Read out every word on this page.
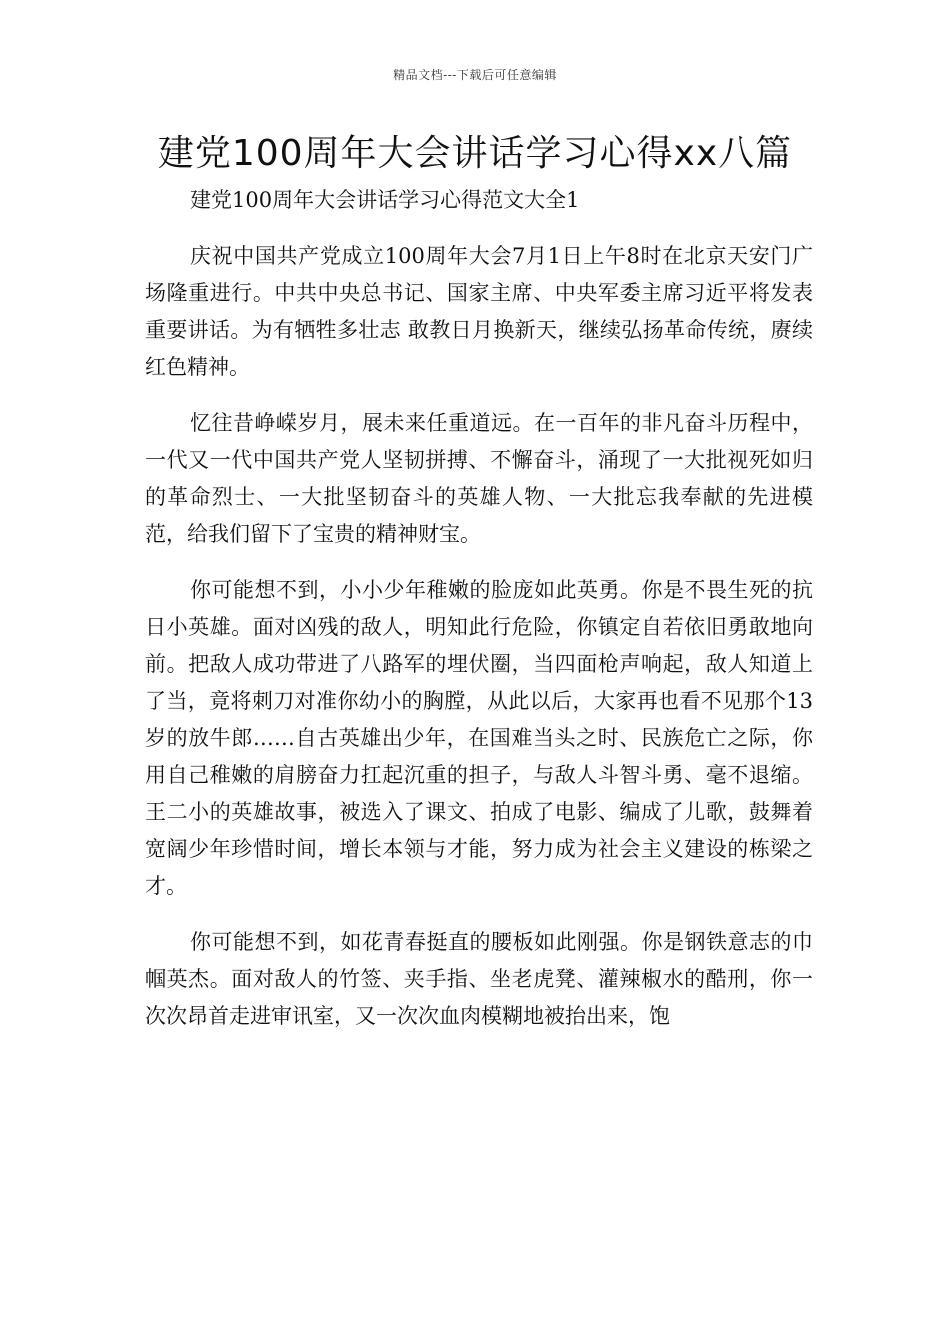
精品文档---下载后可任意编辑
建党100周年大会讲话学习心得xx八篇

建党100周年大会讲话学习心得范文大全1

庆祝中国共产党成立100周年大会7月1日上午8时在北京天安门广场隆重进行。中共中央总书记、国家主席、中央军委主席习近平将发表重要讲话。为有牺牲多壮志 敢教日月换新天，继续弘扬革命传统，赓续红色精神。

忆往昔峥嵘岁月，展未来任重道远。在一百年的非凡奋斗历程中，一代又一代中国共产党人坚韧拼搏、不懈奋斗，涌现了一大批视死如归的革命烈士、一大批坚韧奋斗的英雄人物、一大批忘我奉献的先进模范，给我们留下了宝贵的精神财宝。

你可能想不到，小小少年稚嫩的脸庞如此英勇。你是不畏生死的抗日小英雄。面对凶残的敌人，明知此行危险，你镇定自若依旧勇敢地向前。把敌人成功带进了八路军的埋伏圈，当四面枪声响起，敌人知道上了当，竟将刺刀对准你幼小的胸膛，从此以后，大家再也看不见那个13岁的放牛郎……自古英雄出少年，在国难当头之时、民族危亡之际，你用自己稚嫩的肩膀奋力扛起沉重的担子，与敌人斗智斗勇、毫不退缩。王二小的英雄故事，被选入了课文、拍成了电影、编成了儿歌，鼓舞着宽阔少年珍惜时间，增长本领与才能，努力成为社会主义建设的栋梁之才。

你可能想不到，如花青春挺直的腰板如此刚强。你是钢铁意志的巾帼英杰。面对敌人的竹签、夹手指、坐老虎凳、灌辣椒水的酷刑，你一次次昂首走进审讯室，又一次次血肉模糊地被抬出来，饱
